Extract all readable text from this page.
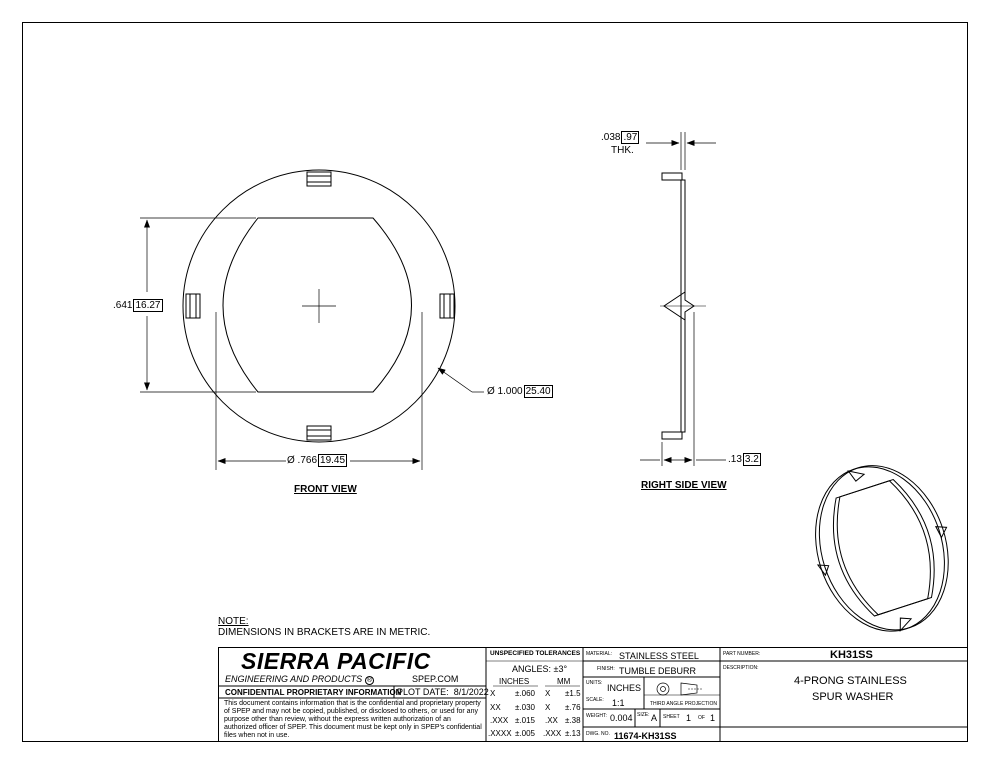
.641 16.27
Ø .766 19.45
Ø 1.000 25.40
FRONT VIEW
.038 .97
THK.
.13 3.2
RIGHT SIDE VIEW
NOTE:
DIMENSIONS IN BRACKETS ARE IN METRIC.
SIERRA PACIFIC
ENGINEERING AND PRODUCTS ®	SPEP.COM
CONFIDENTIAL PROPRIETARY INFORMATION
PLOT DATE: 8/1/2022
This document contains information that is the confidential and proprietary property of SPEP and may not be copied, published, or disclosed to others, or used for any purpose other than review, without the express written authorization of an authorized officer of SPEP. This document must be kept only in SPEP's confidential files when not in use.
UNSPECIFIED TOLERANCES
ANGLES: ±3°
INCHES	MM
X ±.060 X ±1.5
XX ±.030 X ±.76
.XXX ±.015 .XX ±.38
.XXXX ±.005 .XXX ±.13
MATERIAL: STAINLESS STEEL
FINISH: TUMBLE DEBURR
UNITS: INCHES
SCALE: 1:1	THIRD ANGLE PROJECTION
WEIGHT: 0.004 SIZE: A SHEET 1 OF 1
DWG. NO. 11674-KH31SS
PART NUMBER:	KH31SS
DESCRIPTION:
4-PRONG STAINLESS
SPUR WASHER
